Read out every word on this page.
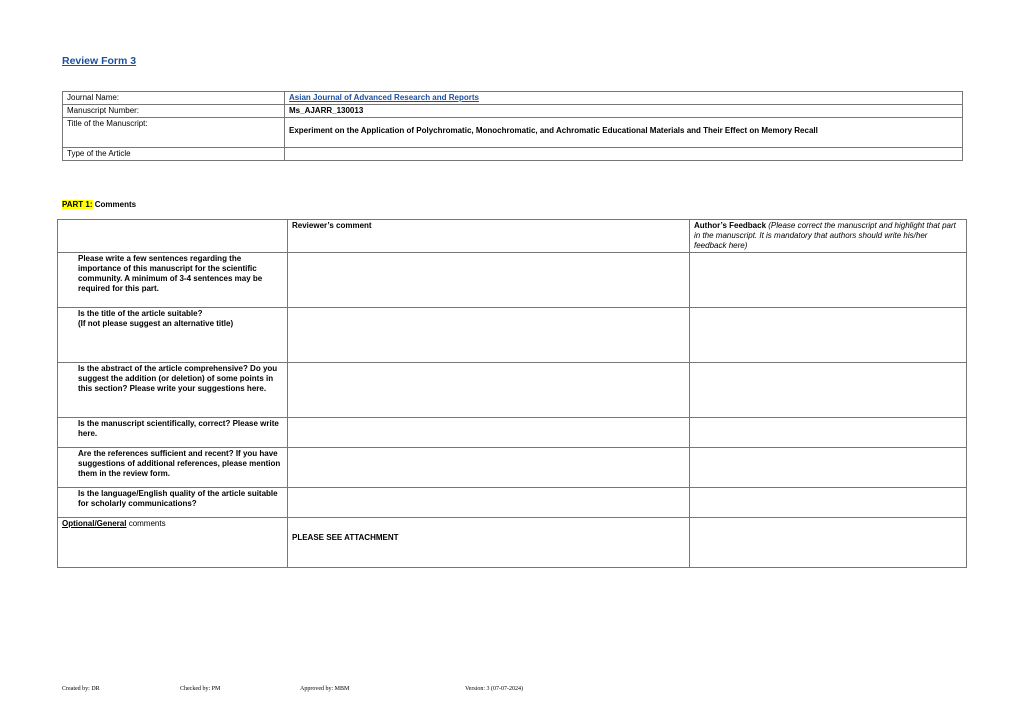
Review Form 3
Journal Name:	Asian Journal of Advanced Research and Reports
Manuscript Number:	Ms_AJARR_130013
Title of the Manuscript:	Experiment on the Application of Polychromatic, Monochromatic, and Achromatic Educational Materials and Their Effect on Memory Recall

Type of the Article	
PART 1: Comments
	Reviewer’s comment	Author’s Feedback (Please correct the manuscript and highlight that part in the manuscript. It is mandatory that authors should write his/her feedback here)
Please write a few sentences regarding the importance of this manuscript for the scientific community. A minimum of 3-4 sentences may be required for this part.		
Is the title of the article suitable?
(If not please suggest an alternative title)		
Is the abstract of the article comprehensive? Do you suggest the addition (or deletion) of some points in this section? Please write your suggestions here.		
Is the manuscript scientifically, correct? Please write here.		
Are the references sufficient and recent? If you have suggestions of additional references, please mention them in the review form.		
Is the language/English quality of the article suitable for scholarly communications?		
Optional/General comments	PLEASE SEE ATTACHMENT	

Created by: DR	Checked by: PM	Approved by: MBM	Version: 3 (07-07-2024)
